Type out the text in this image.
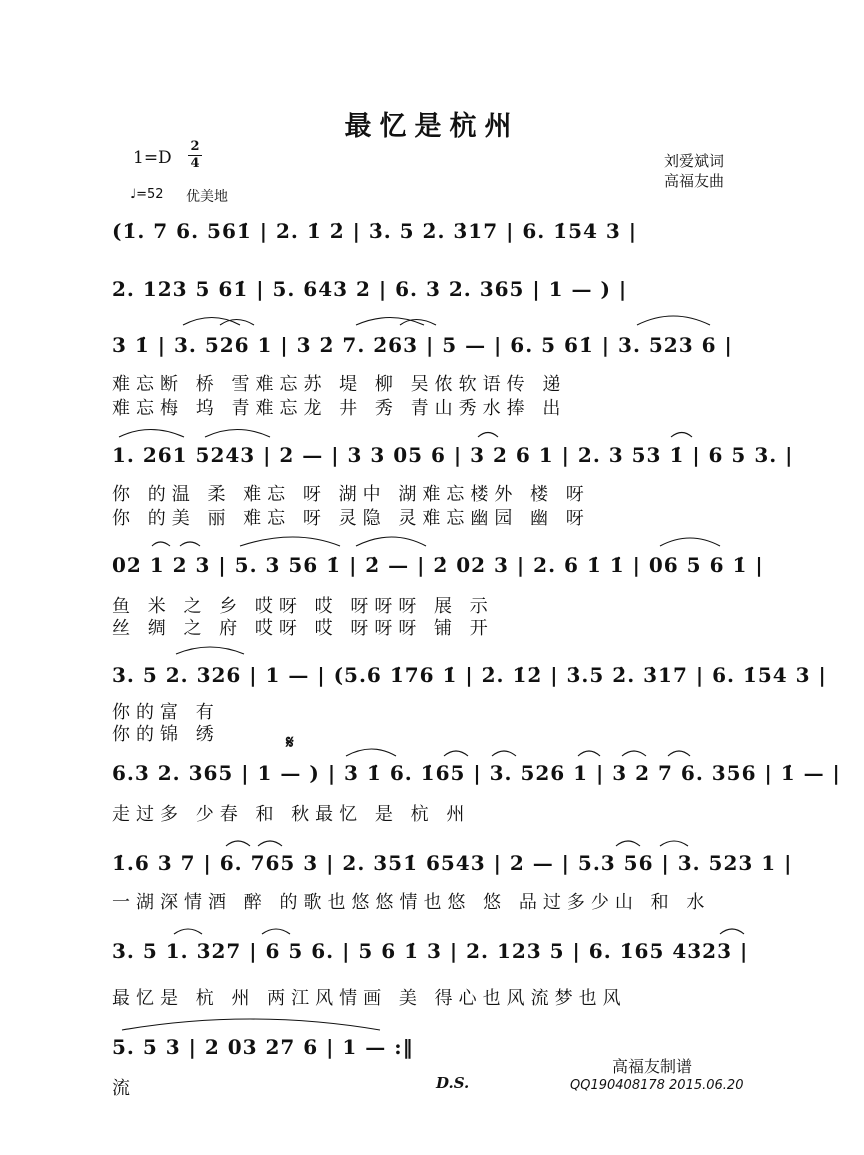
最忆是杭州
1=D
2
4
♩=52 优美地
刘爱斌词
高福友曲
(1̇. 7 6. 561̇ | 2. 1̇ 2̇ | 3̇. 5 2̇. 3̇17 | 6. 1̇54 3 |
2. 123 5 61̇ | 5. 643 2 | 6. 3 2. 365 | 1 — ) |
3 1̇ | 3. 526 1 | 3 2̇ 7. 2̇63 | 5 — | 6. 5 61̇ | 3. 523 6 |
难忘断 桥 雪难忘苏 堤 柳 吴侬软语传 递
难忘梅 坞 青难忘龙 井 秀 青山秀水捧 出
1. 261 5243 | 2 — | 3 3 05 6 | 3 2 6 1 | 2. 3 53 1̇ | 6 5 3. |
你 的温 柔 难忘 呀 湖中 湖难忘楼外 楼 呀
你 的美 丽 难忘 呀 灵隐 灵难忘幽园 幽 呀
02 1 2 3 | 5. 3 56 1̇ | 2̇ — | 2̇ 02 3 | 2. 6 1̇ 1̇ | 06 5 6 1̇ |
鱼 米 之 乡 哎呀 哎 呀呀呀 展 示
丝 绸 之 府 哎呀 哎 呀呀呀 铺 开
3. 5 2. 326 | 1 — | (5.6 1̇76 1̇ | 2̇. 1̇2̇ | 3̇.5 2̇. 3̇17 | 6. 1̇54 3 |
你的富 有
你的锦 绣	𝄋
6.3 2. 365 | 1 — ) | 3 1̇ 6. 1̇65 | 3. 526 1 | 3 2 7 6. 356 | 1̇ — |
走过多 少春 和 秋最忆 是 杭 州
1̇.6 3 7 | 6. 765 3 | 2. 351̇ 6543 | 2 — | 5.3 56 | 3. 523 1 |
一湖深情酒 醉 的歌也悠悠情也悠 悠 品过多少山 和 水
3. 5 1. 327 | 6 5 6. | 5 6 1̇ 3 | 2. 123 5 | 6. 1̇65 4323 |
最忆是 杭 州 两江风情画 美 得心也风流梦也风
5. 5 3 | 2 03 27 6 | 1 — :‖
流	D.S.
高福友制谱
QQ190408178 2015.06.20
